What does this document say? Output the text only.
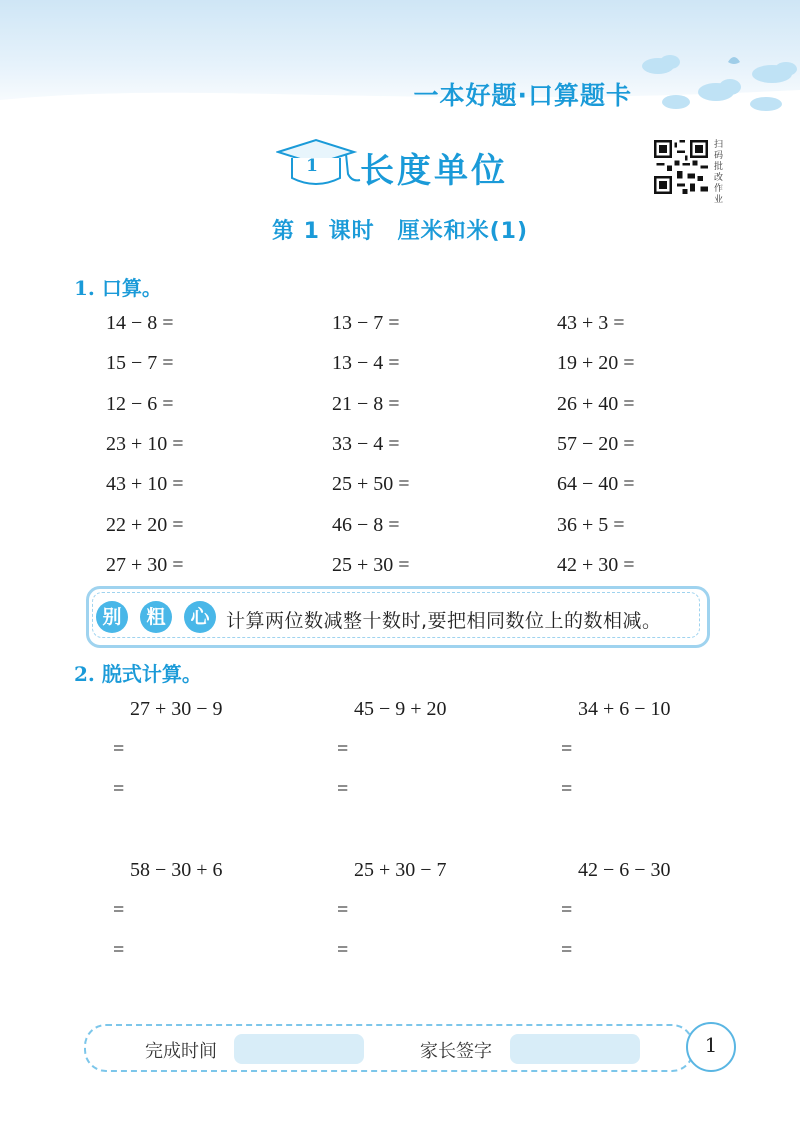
一本好题·口算题卡
1 长度单位
扫码批改作业
第 1 课时　厘米和米(1)
1. 口算。
14 − 8 =	13 − 7 =	43 + 3 =
15 − 7 =	13 − 4 =	19 + 20 =
12 − 6 =	21 − 8 =	26 + 40 =
23 + 10 =	33 − 4 =	57 − 20 =
43 + 10 =	25 + 50 =	64 − 40 =
22 + 20 =	46 − 8 =	36 + 5 =
27 + 30 =	25 + 30 =	42 + 30 =
别	粗	心 计算两位数减整十数时,要把相同数位上的数相减。
2. 脱式计算。
27 + 30 − 9
=
=
45 − 9 + 20
=
=
34 + 6 − 10
=
=
58 − 30 + 6
=
=
25 + 30 − 7
=
=
42 − 6 − 30
=
=
完成时间	家长签字	1
